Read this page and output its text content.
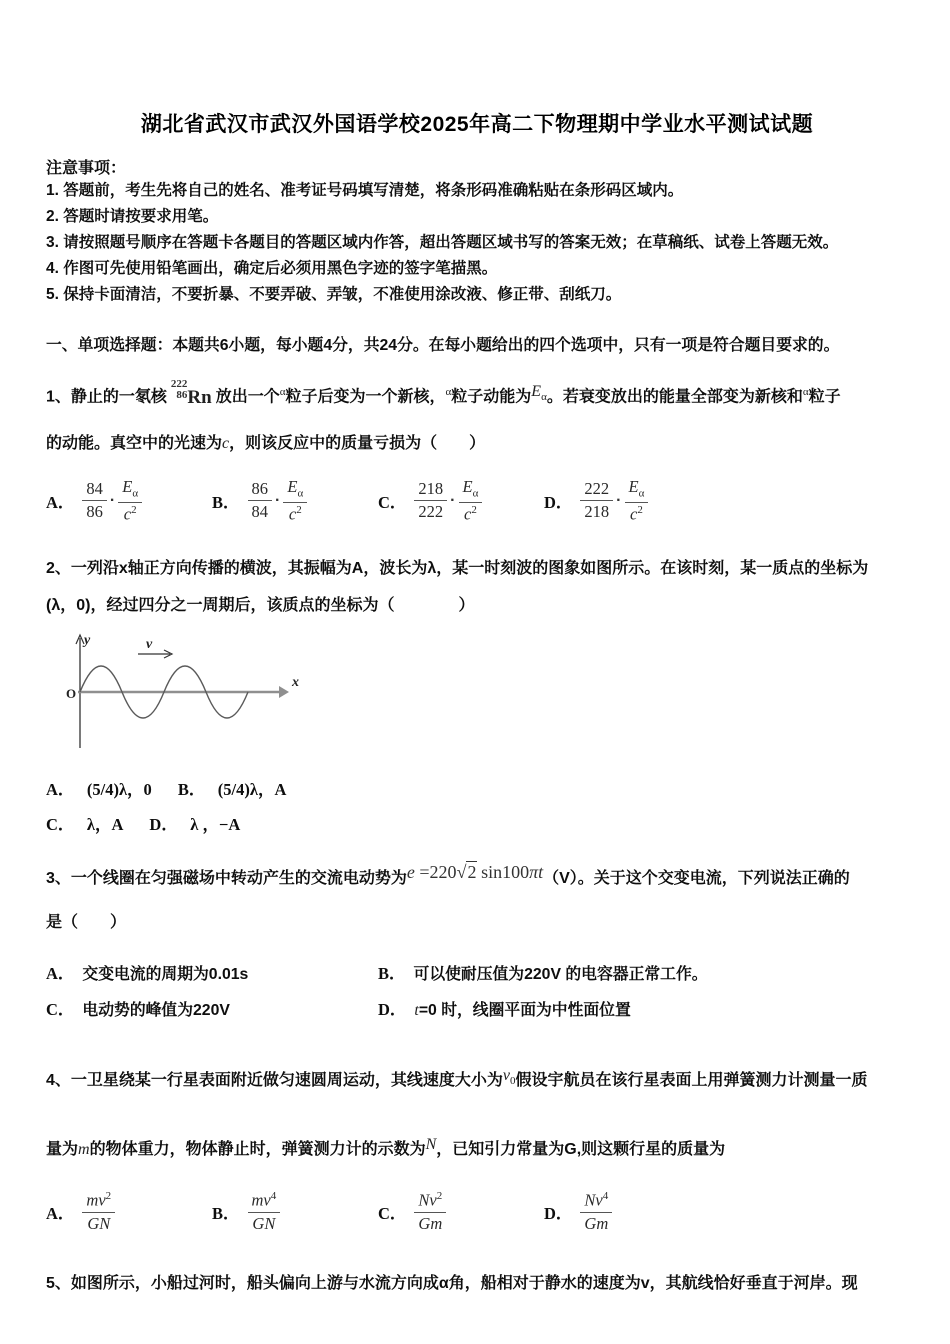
湖北省武汉市武汉外国语学校2025年高二下物理期中学业水平测试试题
注意事项：
1. 答题前，考生先将自己的姓名、准考证号码填写清楚，将条形码准确粘贴在条形码区域内。
2. 答题时请按要求用笔。
3. 请按照题号顺序在答题卡各题目的答题区域内作答，超出答题区域书写的答案无效；在草稿纸、试卷上答题无效。
4. 作图可先使用铅笔画出，确定后必须用黑色字迹的签字笔描黑。
5. 保持卡面清洁，不要折暴、不要弄破、弄皱，不准使用涂改液、修正带、刮纸刀。
一、单项选择题：本题共6小题，每小题4分，共24分。在每小题给出的四个选项中，只有一项是符合题目要求的。
1、静止的一氡核
222
86 Rn 放出一个$^\alpha$粒子后变为一个新核，$^\alpha$粒子动能为$E_\alpha$。若衰变放出的能量全部变为新核和$^\alpha$粒子
的动能。真空中的光速为c，则该反应中的质量亏损为（　　）
A． $\frac{84}{86} \cdot \frac{E_\alpha}{c^2}$	B． $\frac{86}{84} \cdot \frac{E_\alpha}{c^2}$	C． $\frac{218}{222} \cdot \frac{E_\alpha}{c^2}$	D． $\frac{222}{218} \cdot \frac{E_\alpha}{c^2}$
2、一列沿x轴正方向传播的横波，其振幅为A，波长为λ，某一时刻波的图象如图所示。在该时刻，某一质点的坐标为
(λ，0)，经过四分之一周期后，该质点的坐标为（　　　　）
v
y
x
O
A． (5/4)λ，0 B． (5/4)λ，A
C． λ，A D． λ ，−A
3、一个线圈在匀强磁场中转动产生的交流电动势为e =220√2  sin100πt（V）。关于这个交变电流，下列说法正确的
是（　　）
A． 交变电流的周期为0.01s	B． 可以使耐压值为220V 的电容器正常工作。
C． 电动势的峰值为220V	D． t=0 时，线圈平面为中性面位置
4、一卫星绕某一行星表面附近做匀速圆周运动，其线速度大小为$v_0$假设宇航员在该行星表面上用弹簧测力计测量一质
量为m的物体重力，物体静止时，弹簧测力计的示数为N，已知引力常量为G,则这颗行星的质量为
A． $\frac{mv^2}{GN}$	B． $\frac{mv^4}{GN}$	C． $\frac{Nv^2}{Gm}$	D． $\frac{Nv^4}{Gm}$
5、如图所示，小船过河时，船头偏向上游与水流方向成α角，船相对于静水的速度为v，其航线恰好垂直于河岸。现
